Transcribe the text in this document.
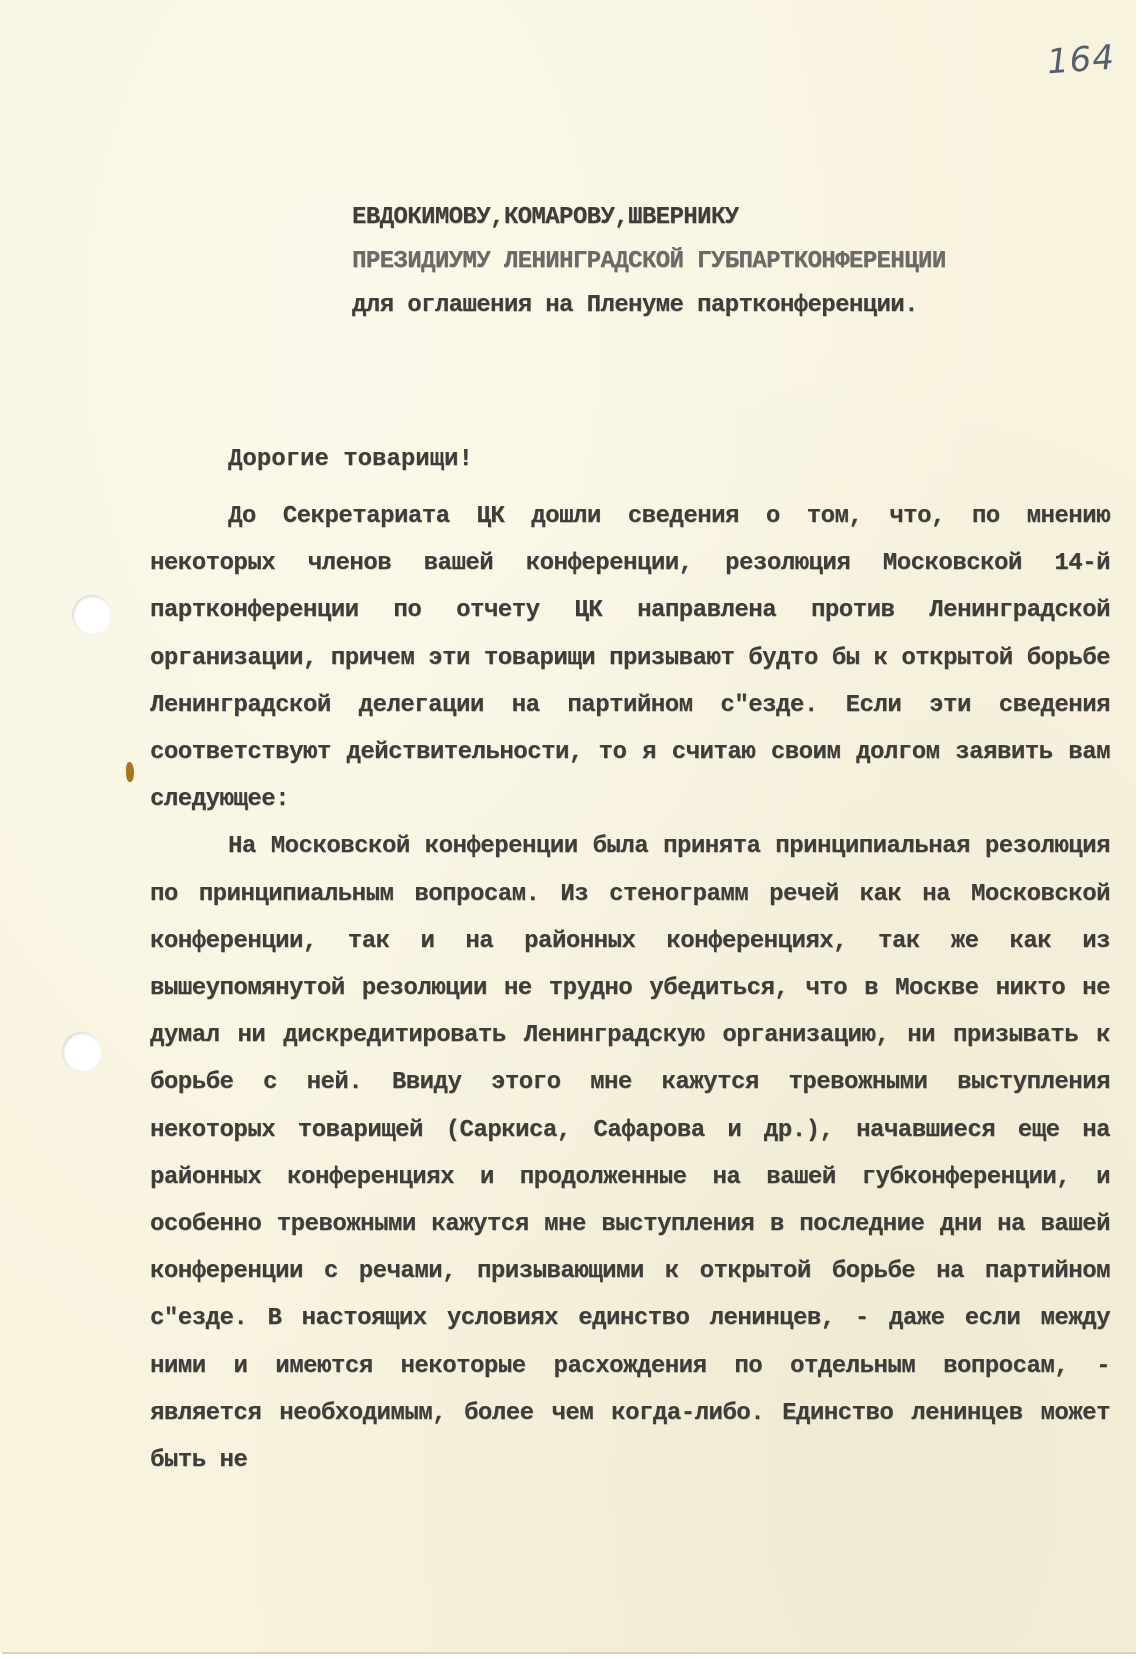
164
ЕВДОКИМОВУ,КОМАРОВУ,ШВЕРНИКУ
ПРЕЗИДИУМУ ЛЕНИНГРАДСКОЙ ГУБПАРТКОНФЕРЕНЦИИ
для оглашения на Пленуме партконференции.
Дорогие товарищи!

До Секретариата ЦК дошли сведения о том, что, по мнению некоторых членов вашей конференции, резолюция Московской 14-й партконференции по отчету ЦК направлена против Ленинградской организации, причем эти товарищи призывают будто бы к открытой борьбе Ленинградской делегации на партийном с"езде. Если эти сведения соответствуют действительности, то я считаю своим долгом заявить вам следующее:

На Московской конференции была принята принципиальная резолюция по принципиальным вопросам. Из стенограмм речей как на Московской конференции, так и на районных конференциях, так же как из вышеупомянутой резолюции не трудно убедиться, что в Москве никто не думал ни дискредитировать Ленинградскую организацию, ни призывать к борьбе с ней. Ввиду этого мне кажутся тревожными выступления некоторых товарищей (Саркиса, Сафарова и др.), начавшиеся еще на районных конференциях и продолженные на вашей губконференции, и особенно тревожными кажутся мне выступления в последние дни на вашей конференции с речами, призывающими к открытой борьбе на партийном с"езде. В настоящих условиях единство ленинцев, - даже если между ними и имеются некоторые расхождения по отдельным вопросам, - является необходимым, более чем когда-либо. Единство ленинцев может быть не
